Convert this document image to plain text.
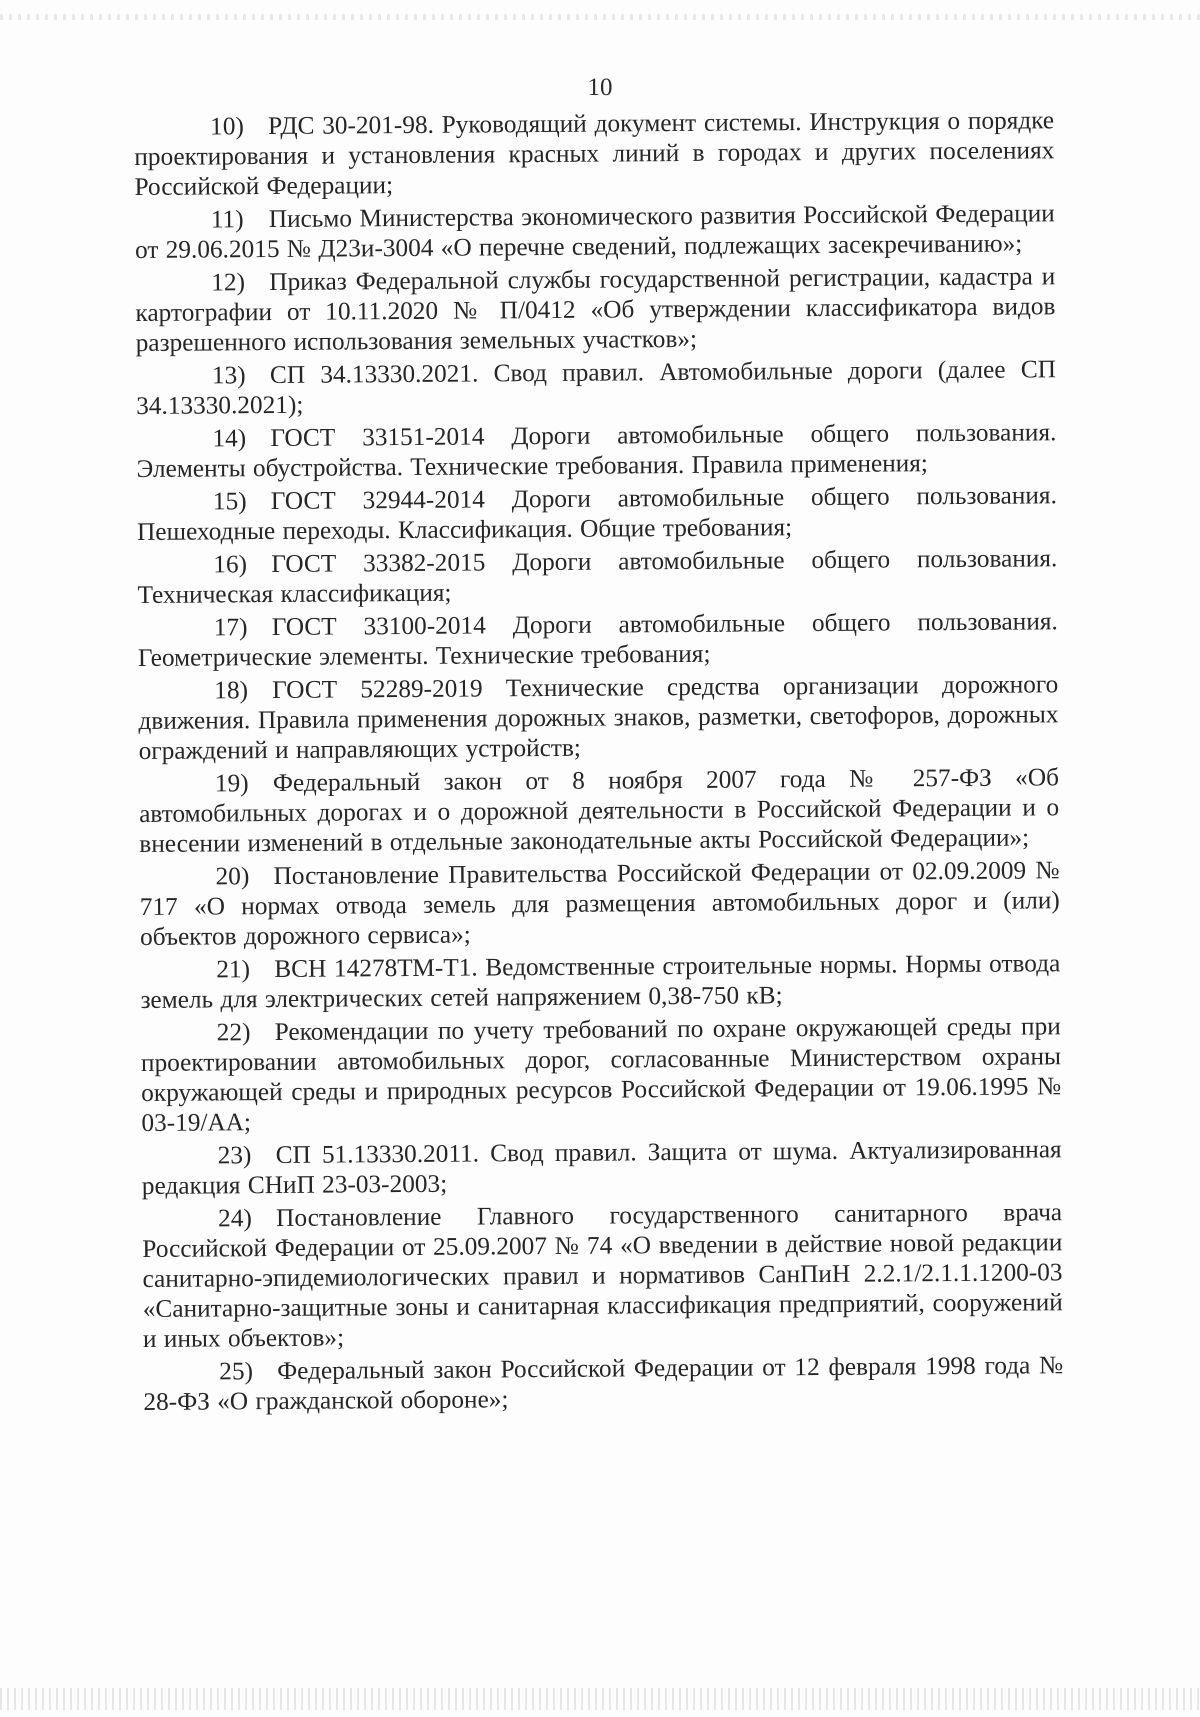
10

10) РДС 30-201-98. Руководящий документ системы. Инструкция о порядке проектирования и установления красных линий в городах и других поселениях Российской Федерации;

11) Письмо Министерства экономического развития Российской Федерации от 29.06.2015 № Д23и-3004 «О перечне сведений, подлежащих засекречиванию»;

12) Приказ Федеральной службы государственной регистрации, кадастра и картографии от 10.11.2020 № П/0412 «Об утверждении классификатора видов разрешенного использования земельных участков»;

13) СП 34.13330.2021. Свод правил. Автомобильные дороги (далее СП 34.13330.2021);

14) ГОСТ 33151-2014 Дороги автомобильные общего пользования. Элементы обустройства. Технические требования. Правила применения;

15) ГОСТ 32944-2014 Дороги автомобильные общего пользования. Пешеходные переходы. Классификация. Общие требования;

16) ГОСТ 33382-2015 Дороги автомобильные общего пользования. Техническая классификация;

17) ГОСТ 33100-2014 Дороги автомобильные общего пользования. Геометрические элементы. Технические требования;

18) ГОСТ 52289-2019 Технические средства организации дорожного движения. Правила применения дорожных знаков, разметки, светофоров, дорожных ограждений и направляющих устройств;

19) Федеральный закон от 8 ноября 2007 года № 257-ФЗ «Об автомобильных дорогах и о дорожной деятельности в Российской Федерации и о внесении изменений в отдельные законодательные акты Российской Федерации»;

20) Постановление Правительства Российской Федерации от 02.09.2009 № 717 «О нормах отвода земель для размещения автомобильных дорог и (или) объектов дорожного сервиса»;

21) ВСН 14278ТМ-Т1. Ведомственные строительные нормы. Нормы отвода земель для электрических сетей напряжением 0,38-750 кВ;

22) Рекомендации по учету требований по охране окружающей среды при проектировании автомобильных дорог, согласованные Министерством охраны окружающей среды и природных ресурсов Российской Федерации от 19.06.1995 № 03-19/АА;

23) СП 51.13330.2011. Свод правил. Защита от шума. Актуализированная редакция СНиП 23-03-2003;

24) Постановление Главного государственного санитарного врача Российской Федерации от 25.09.2007 № 74 «О введении в действие новой редакции санитарно-эпидемиологических правил и нормативов СанПиН 2.2.1/2.1.1.1200-03 «Санитарно-защитные зоны и санитарная классификация предприятий, сооружений и иных объектов»;

25) Федеральный закон Российской Федерации от 12 февраля 1998 года № 28-ФЗ «О гражданской обороне»;
